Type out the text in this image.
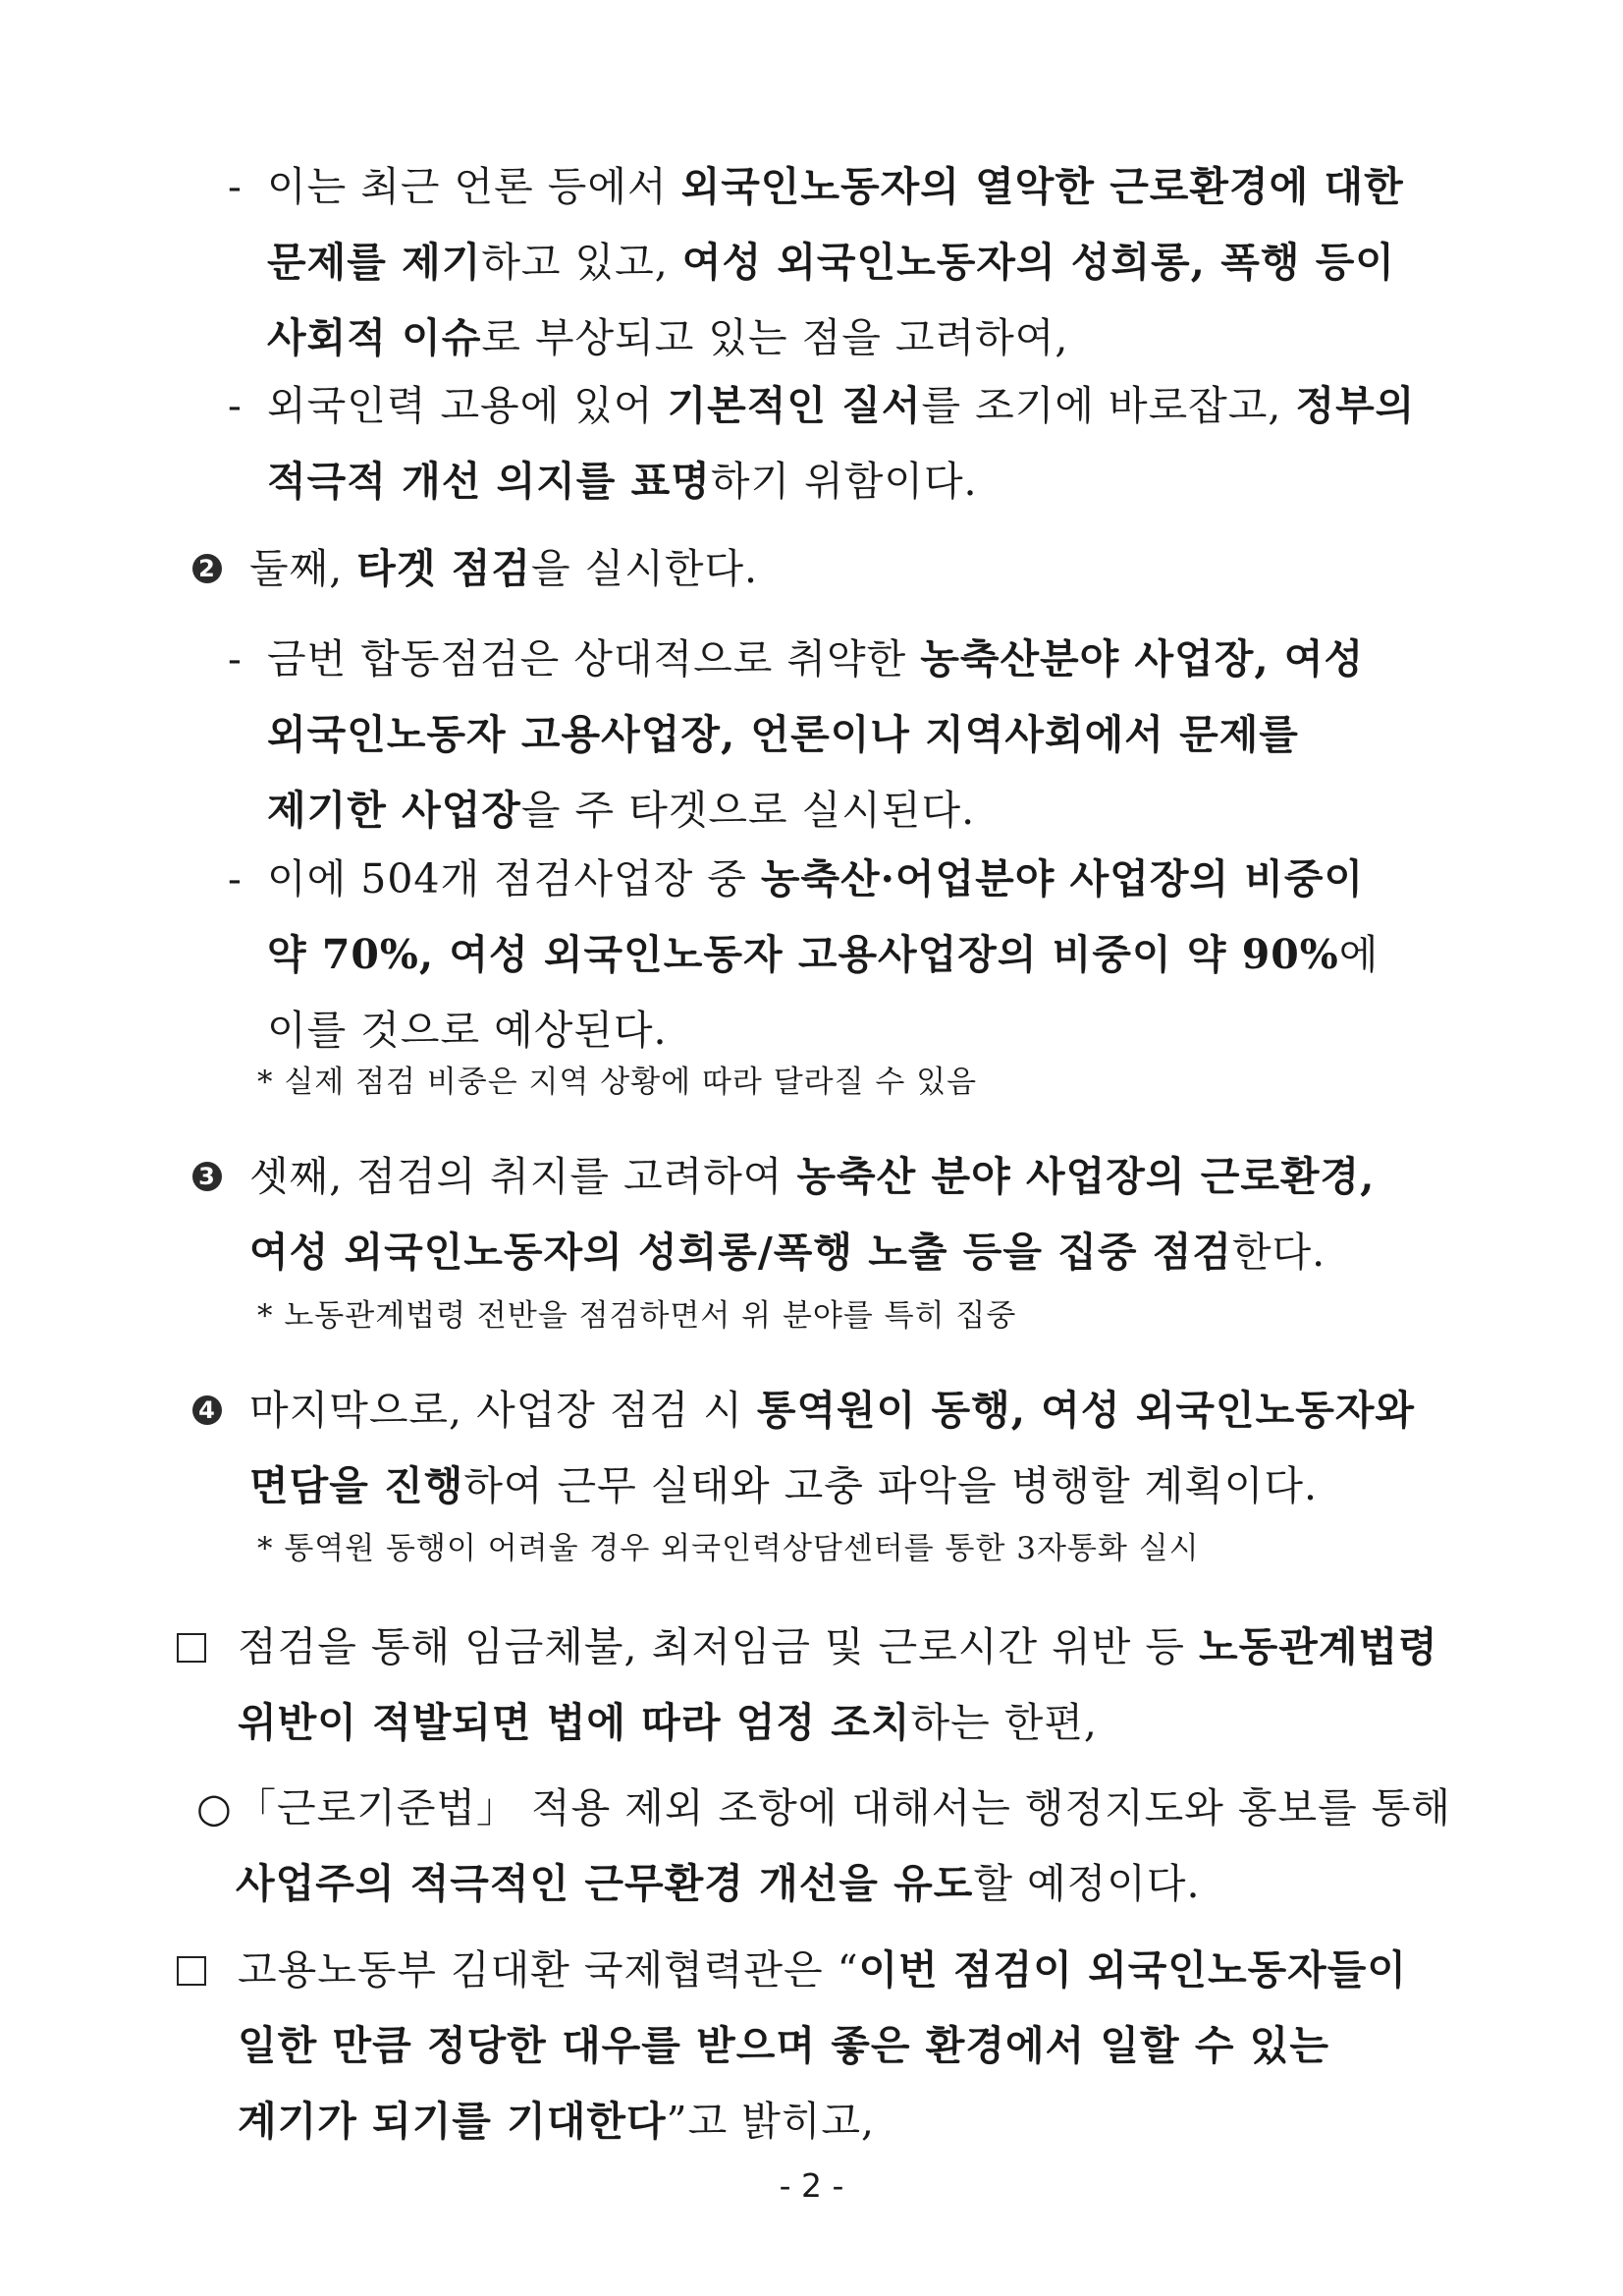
- 이는 최근 언론 등에서 외국인노동자의 열악한 근로환경에 대한
문제를 제기하고 있고, 여성 외국인노동자의 성희롱, 폭행 등이
사회적 이슈로 부상되고 있는 점을 고려하여,
- 외국인력 고용에 있어 기본적인 질서를 조기에 바로잡고, 정부의
적극적 개선 의지를 표명하기 위함이다.
2 둘째, 타겟 점검을 실시한다.
- 금번 합동점검은 상대적으로 취약한 농축산분야 사업장, 여성
외국인노동자 고용사업장, 언론이나 지역사회에서 문제를
제기한 사업장을 주 타겟으로 실시된다.
- 이에 504개 점검사업장 중 농축산·어업분야 사업장의 비중이
약 70%, 여성 외국인노동자 고용사업장의 비중이 약 90%에
이를 것으로 예상된다.
* 실제 점검 비중은 지역 상황에 따라 달라질 수 있음
3 셋째, 점검의 취지를 고려하여 농축산 분야 사업장의 근로환경,
여성 외국인노동자의 성희롱/폭행 노출 등을 집중 점검한다.
* 노동관계법령 전반을 점검하면서 위 분야를 특히 집중
4 마지막으로, 사업장 점검 시 통역원이 동행, 여성 외국인노동자와
면담을 진행하여 근무 실태와 고충 파악을 병행할 계획이다.
* 통역원 동행이 어려울 경우 외국인력상담센터를 통한 3자통화 실시
점검을 통해 임금체불, 최저임금 및 근로시간 위반 등 노동관계법령
위반이 적발되면 법에 따라 엄정 조치하는 한편,
○ 「근로기준법」 적용 제외 조항에 대해서는 행정지도와 홍보를 통해
사업주의 적극적인 근무환경 개선을 유도할 예정이다.
고용노동부 김대환 국제협력관은 “이번 점검이 외국인노동자들이
일한 만큼 정당한 대우를 받으며 좋은 환경에서 일할 수 있는
계기가 되기를 기대한다”고 밝히고,
- 2 -
